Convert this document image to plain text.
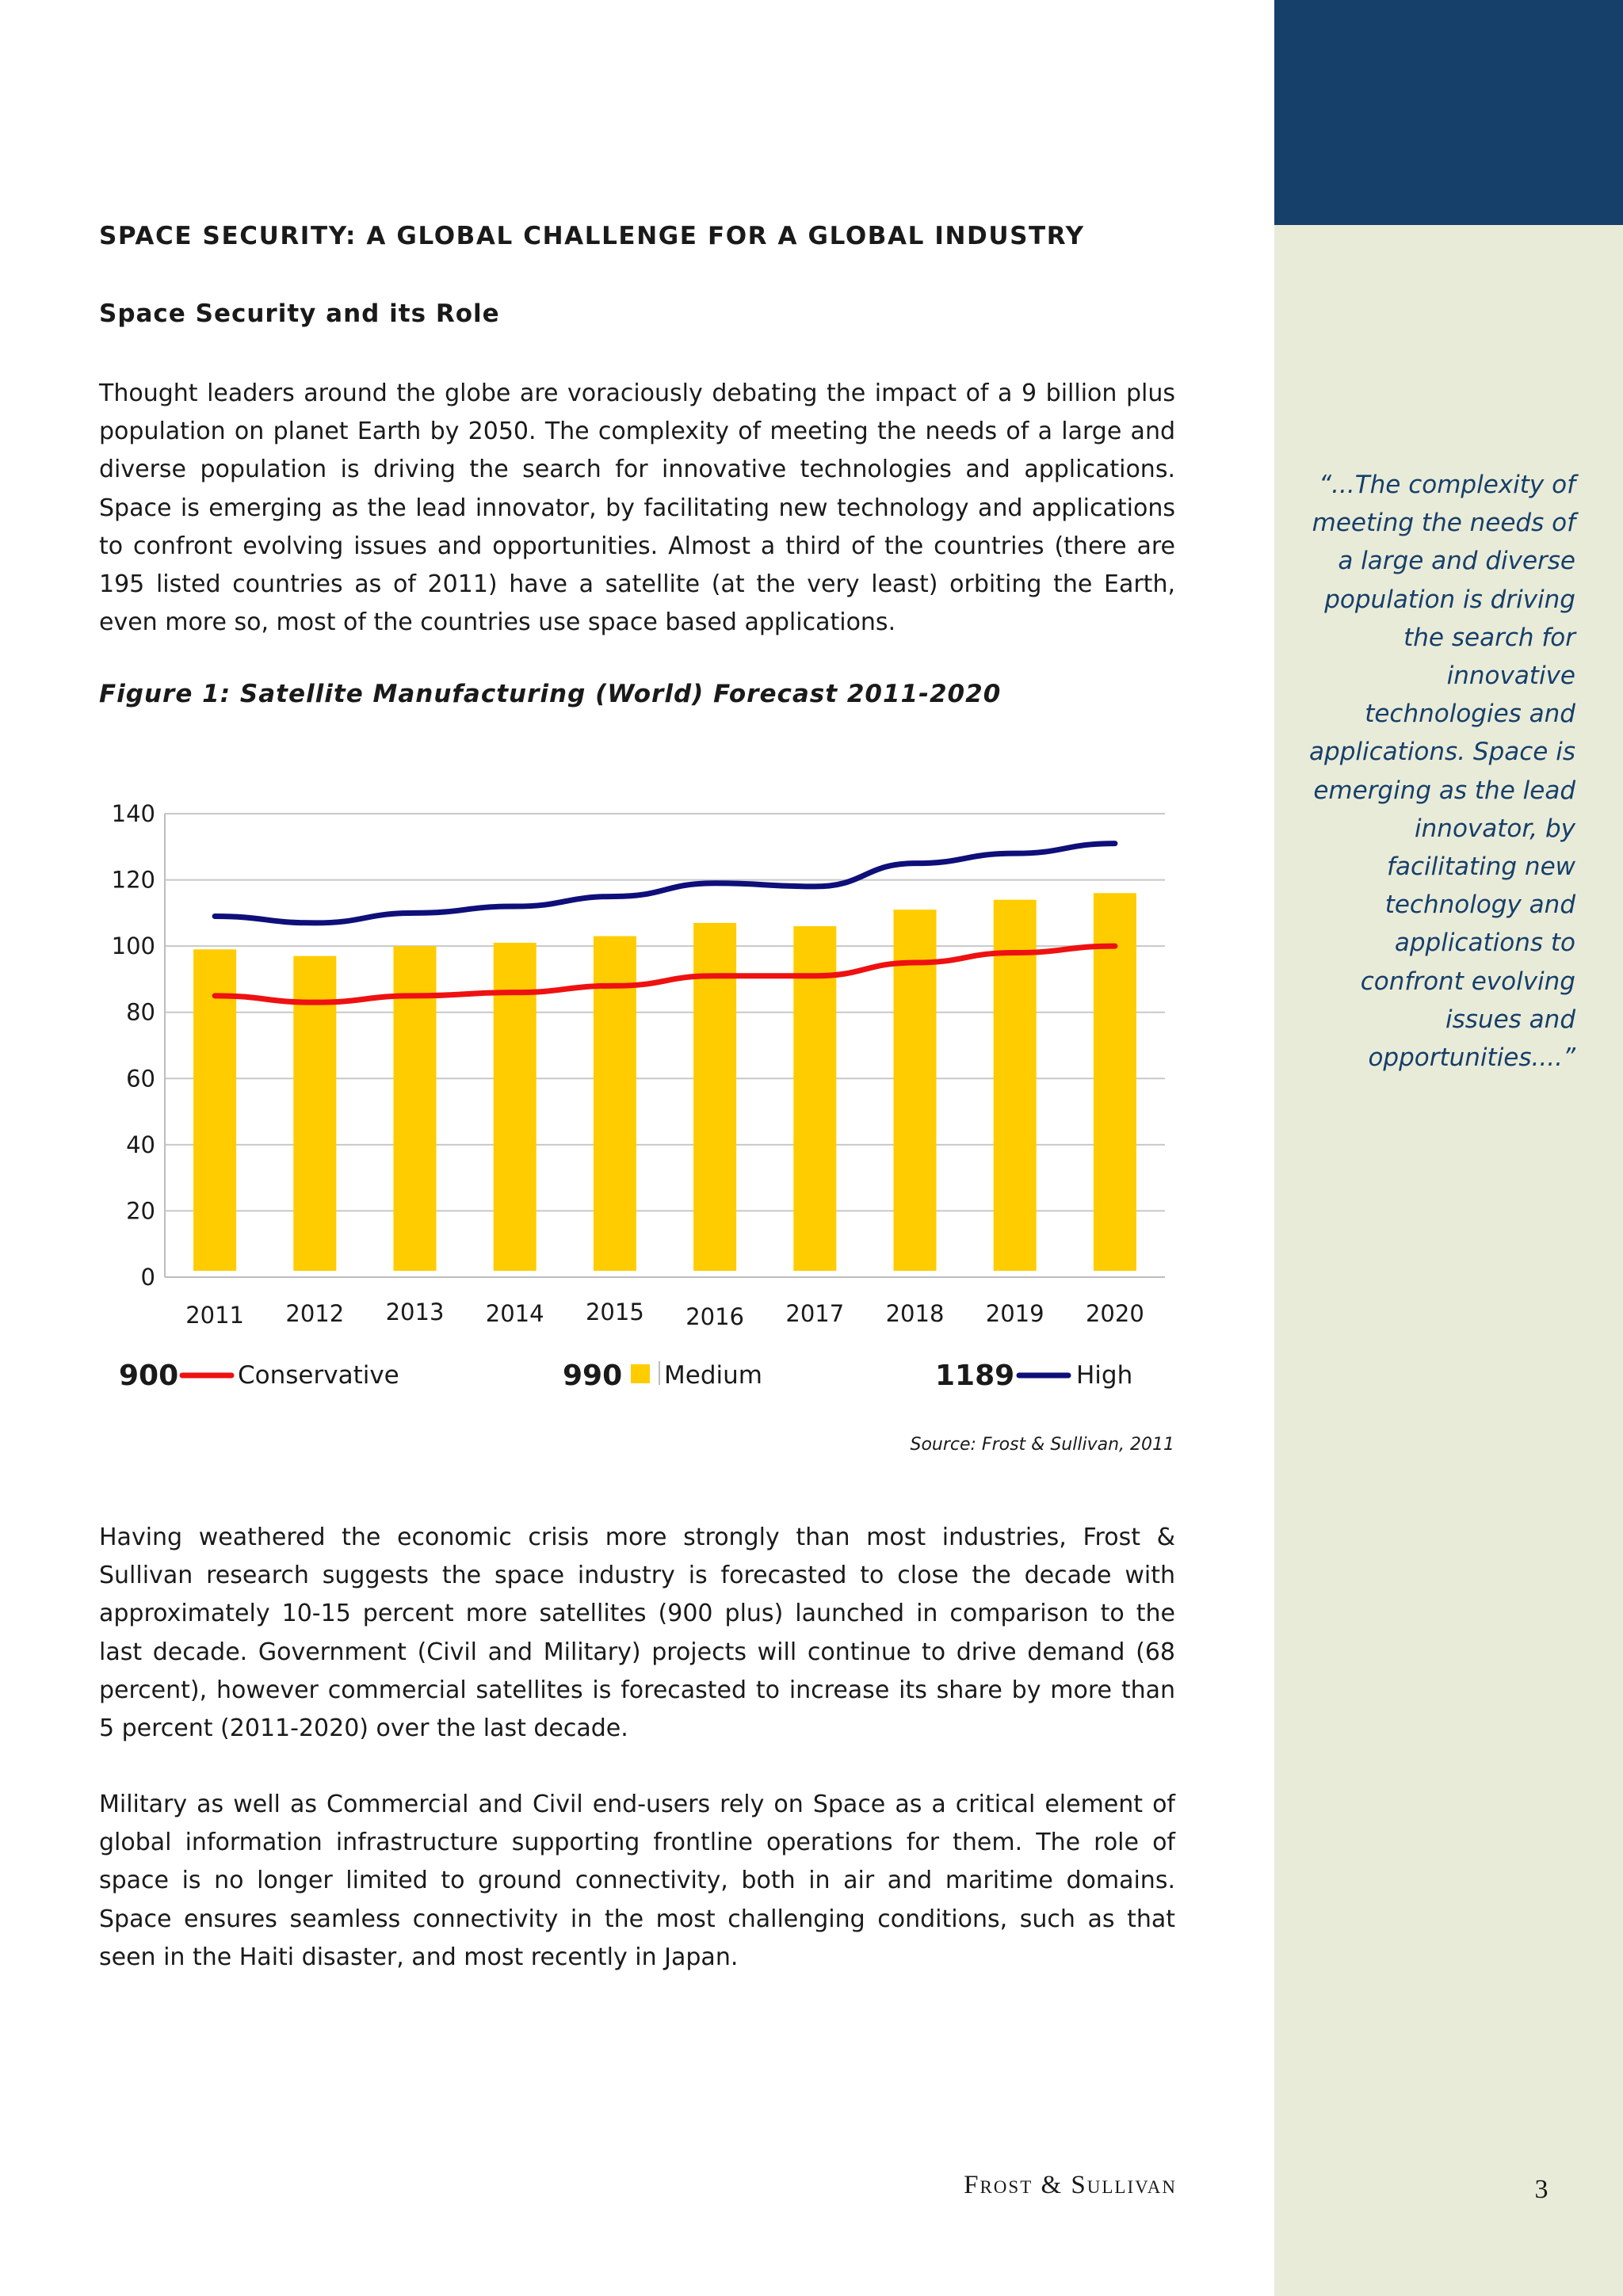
SPACE SECURITY: A GLOBAL CHALLENGE FOR A GLOBAL INDUSTRY
Space Security and its Role

Thought leaders around the globe are voraciously debating the impact of a 9 billion plus population on planet Earth by 2050. The complexity of meeting the needs of a large and diverse population is driving the search for innovative technologies and applications. Space is emerging as the lead innovator, by facilitating new technology and applications to confront evolving issues and opportunities. Almost a third of the countries (there are 195 listed countries as of 2011) have a satellite (at the very least) orbiting the Earth, even more so, most of the countries use space based applications.

Figure 1: Satellite Manufacturing (World) Forecast 2011-2020
0
20
40
60
80
100
120
140
2011 2012 2013 2014 2015 2016 2017 2018 2019 2020
900 Conservative	990 Medium	1189	High
Source: Frost & Sullivan, 2011

Having weathered the economic crisis more strongly than most industries, Frost & Sullivan research suggests the space industry is forecasted to close the decade with approximately 10-15 percent more satellites (900 plus) launched in comparison to the last decade. Government (Civil and Military) projects will continue to drive demand (68 percent), however commercial satellites is forecasted to increase its share by more than 5 percent (2011-2020) over the last decade.

Military as well as Commercial and Civil end-users rely on Space as a critical element of global information infrastructure supporting frontline operations for them. The role of space is no longer limited to ground connectivity, both in air and maritime domains. Space ensures seamless connectivity in the most challenging conditions, such as that seen in the Haiti disaster, and most recently in Japan.

“...The complexity of meeting the needs of a large and diverse population is driving the search for innovative technologies and applications. Space is emerging as the lead innovator, by facilitating new technology and applications to confront evolving issues and opportunities....”
Frost & Sullivan	3
